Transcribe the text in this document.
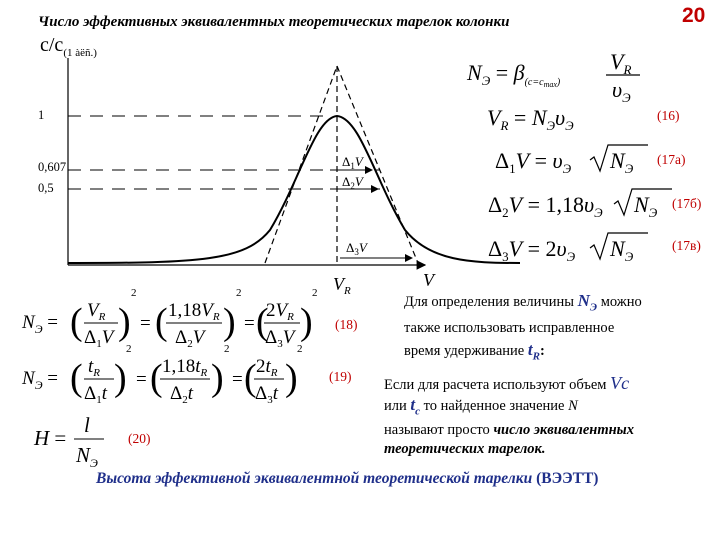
Число эффективных эквивалентных теоретических тарелок колонки	20
$c/c_{(1 àëñ.)}$
1
0,607
0,5
$\Delta_1V$
$\Delta_2V$
$\Delta_3V$
$V_R$
V
$N_Э = \beta_{(c=c}\max$)
$V_R$
$\upsilon_Э$
$V_R = N_Э\upsilon_Э$
$\Delta_1V = \upsilon_Э$ $N_Э$
$\Delta_2V = 1,18\upsilon_Э$ $N_Э$
$\Delta_3V = 2\upsilon_Э$ $N_Э$
$N_Э$ = ( $V_R$
$\Delta_1V$ )
2
= ( $1,18V_R$
$\Delta_2V$ )
2
= (
$2V_R$
$\Delta_3V$ )
2
$N_Э$ = ( $t_R$
$\Delta_1t$ )
2
= ( $1,18t_R$
$\Delta_2t$ )
2
= ( $2t_R$
$\Delta_3t$ )
2
H =
l
$N_Э$
(16)
(17а)
(17б)
(17в)
(18)
(19)
(20)
Для определения величины $N_Э$ можно
также использовать исправленное
время удерживание $t_R$:
Если для расчета используют объем Vc
или $t_c$ то найденное значение N
называют просто число эквивалентных
теоретических тарелок.
Высота эффективной эквивалентной теоретической тарелки (ВЭЭТТ)
